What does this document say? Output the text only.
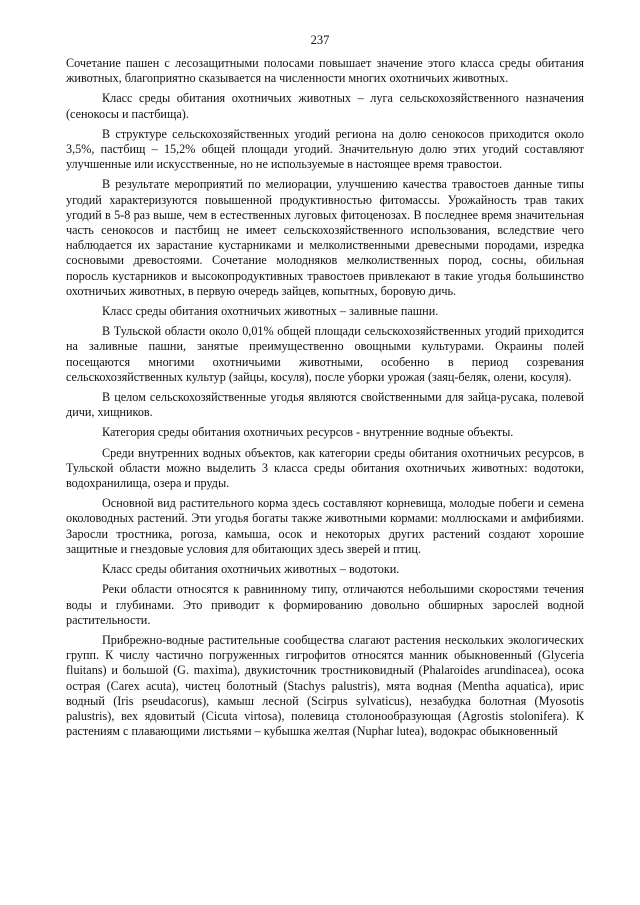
237

Сочетание пашен с лесозащитными полосами повышает значение этого класса среды обитания животных, благоприятно сказывается на численности многих охотничьих животных.

Класс среды обитания охотничьих животных – луга сельскохозяйственного назначения (сенокосы и пастбища).

В структуре сельскохозяйственных угодий региона на долю сенокосов приходится около 3,5%, пастбищ – 15,2% общей площади угодий. Значительную долю этих угодий составляют улучшенные или искусственные, но не используемые в настоящее время травостои.

В результате мероприятий по мелиорации, улучшению качества травостоев данные типы угодий характеризуются повышенной продуктивностью фитомассы. Урожайность трав таких угодий в 5-8 раз выше, чем в естественных луговых фитоценозах. В последнее время значительная часть сенокосов и пастбищ не имеет сельскохозяйственного использования, вследствие чего наблюдается их зарастание кустарниками и мелколиственными древесными породами, изредка сосновыми древостоями. Сочетание молодняков мелколиственных пород, сосны, обильная поросль кустарников и высокопродуктивных травостоев привлекают в такие угодья большинство охотничьих животных, в первую очередь зайцев, копытных, боровую дичь.

Класс среды обитания охотничьих животных – заливные пашни.

В Тульской области около 0,01% общей площади сельскохозяйственных угодий приходится на заливные пашни, занятые преимущественно овощными культурами. Окраины полей посещаются многими охотничьими животными, особенно в период созревания сельскохозяйственных культур (зайцы, косуля), после уборки урожая (заяц-беляк, олени, косуля).

В целом сельскохозяйственные угодья являются свойственными для зайца-русака, полевой дичи, хищников.

Категория среды обитания охотничьих ресурсов - внутренние водные объекты.

Среди внутренних водных объектов, как категории среды обитания охотничьих ресурсов, в Тульской области можно выделить 3 класса среды обитания охотничьих животных: водотоки, водохранилища, озера и пруды.

Основной вид растительного корма здесь составляют корневища, молодые побеги и семена околоводных растений. Эти угодья богаты также животными кормами: моллюсками и амфибиями. Заросли тростника, рогоза, камыша, осок и некоторых других растений создают хорошие защитные и гнездовые условия для обитающих здесь зверей и птиц.

Класс среды обитания охотничьих животных – водотоки.

Реки области относятся к равнинному типу, отличаются небольшими скоростями течения воды и глубинами. Это приводит к формированию довольно обширных зарослей водной растительности.

Прибрежно-водные растительные сообщества слагают растения нескольких экологических групп. К числу частично погруженных гигрофитов относятся манник обыкновенный (Glyceria fluitans) и большой (G. maxima), двукисточник тростниковидный (Phalaroides arundinacea), осока острая (Carex acuta), чистец болотный (Stachys palustris), мята водная (Mentha aquatica), ирис водный (Iris pseudacorus), камыш лесной (Scirpus sylvaticus), незабудка болотная (Myosotis palustris), вех ядовитый (Cicuta virtosa), полевица столонообразующая (Agrostis stolonifera). К растениям с плавающими листьями – кубышка желтая (Nuphar lutea), водокрас обыкновенный
